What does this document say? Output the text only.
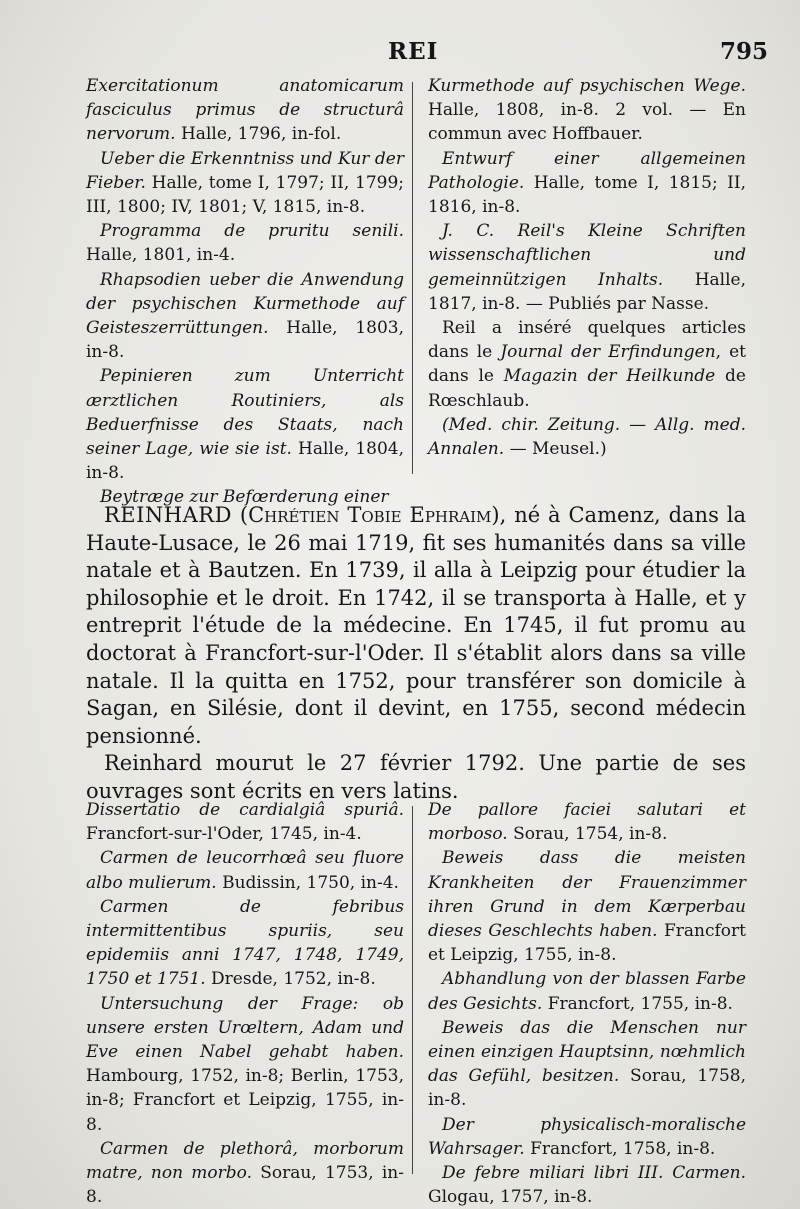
REI	795

Exercitationum anatomicarum fasciculus primus de structurâ nervorum. Halle, 1796, in-fol.

Ueber die Erkenntniss und Kur der Fieber. Halle, tome I, 1797; II, 1799; III, 1800; IV, 1801; V, 1815, in-8.

Programma de pruritu senili. Halle, 1801, in-4.

Rhapsodien ueber die Anwendung der psychischen Kurmethode auf Geisteszerrüttungen. Halle, 1803, in-8.

Pepinieren zum Unterricht ærztlichen Routiniers, als Beduerfnisse des Staats, nach seiner Lage, wie sie ist. Halle, 1804, in-8.

Beytræge zur Befœrderung einer

Kurmethode auf psychischen Wege. Halle, 1808, in-8. 2 vol. — En commun avec Hoffbauer.

Entwurf einer allgemeinen Pathologie. Halle, tome I, 1815; II, 1816, in-8.

J. C. Reil's Kleine Schriften wissenschaftlichen und gemeinnützigen Inhalts. Halle, 1817, in-8. — Publiés par Nasse.

Reil a inséré quelques articles dans le Journal der Erfindungen, et dans le Magazin der Heilkunde de Rœschlaub.

(Med. chir. Zeitung. — Allg. med. Annalen. — Meusel.)

REINHARD (Chrétien Tobie Ephraim), né à Camenz, dans la Haute-Lusace, le 26 mai 1719, fit ses humanités dans sa ville natale et à Bautzen. En 1739, il alla à Leipzig pour étudier la philosophie et le droit. En 1742, il se transporta à Halle, et y entreprit l'étude de la médecine. En 1745, il fut promu au doctorat à Francfort-sur-l'Oder. Il s'établit alors dans sa ville natale. Il la quitta en 1752, pour transférer son domicile à Sagan, en Silésie, dont il devint, en 1755, second médecin pensionné.

Reinhard mourut le 27 février 1792. Une partie de ses ouvrages sont écrits en vers latins.

Dissertatio de cardialgiâ spuriâ. Francfort-sur-l'Oder, 1745, in-4.

Carmen de leucorrhœâ seu fluore albo mulierum. Budissin, 1750, in-4.

Carmen de febribus intermittentibus spuriis, seu epidemiis anni 1747, 1748, 1749, 1750 et 1751. Dresde, 1752, in-8.

Untersuchung der Frage: ob unsere ersten Urœltern, Adam und Eve einen Nabel gehabt haben. Hambourg, 1752, in-8; Berlin, 1753, in-8; Francfort et Leipzig, 1755, in-8.

Carmen de plethorâ, morborum matre, non morbo. Sorau, 1753, in-8.

De pallore faciei salutari et morboso. Sorau, 1754, in-8.

Beweis dass die meisten Krankheiten der Frauenzimmer ihren Grund in dem Kærperbau dieses Geschlechts haben. Francfort et Leipzig, 1755, in-8.

Abhandlung von der blassen Farbe des Gesichts. Francfort, 1755, in-8.

Beweis das die Menschen nur einen einzigen Hauptsinn, nœhmlich das Gefühl, besitzen. Sorau, 1758, in-8.

Der physicalisch-moralische Wahrsager. Francfort, 1758, in-8.

De febre miliari libri III. Carmen. Glogau, 1757, in-8.
